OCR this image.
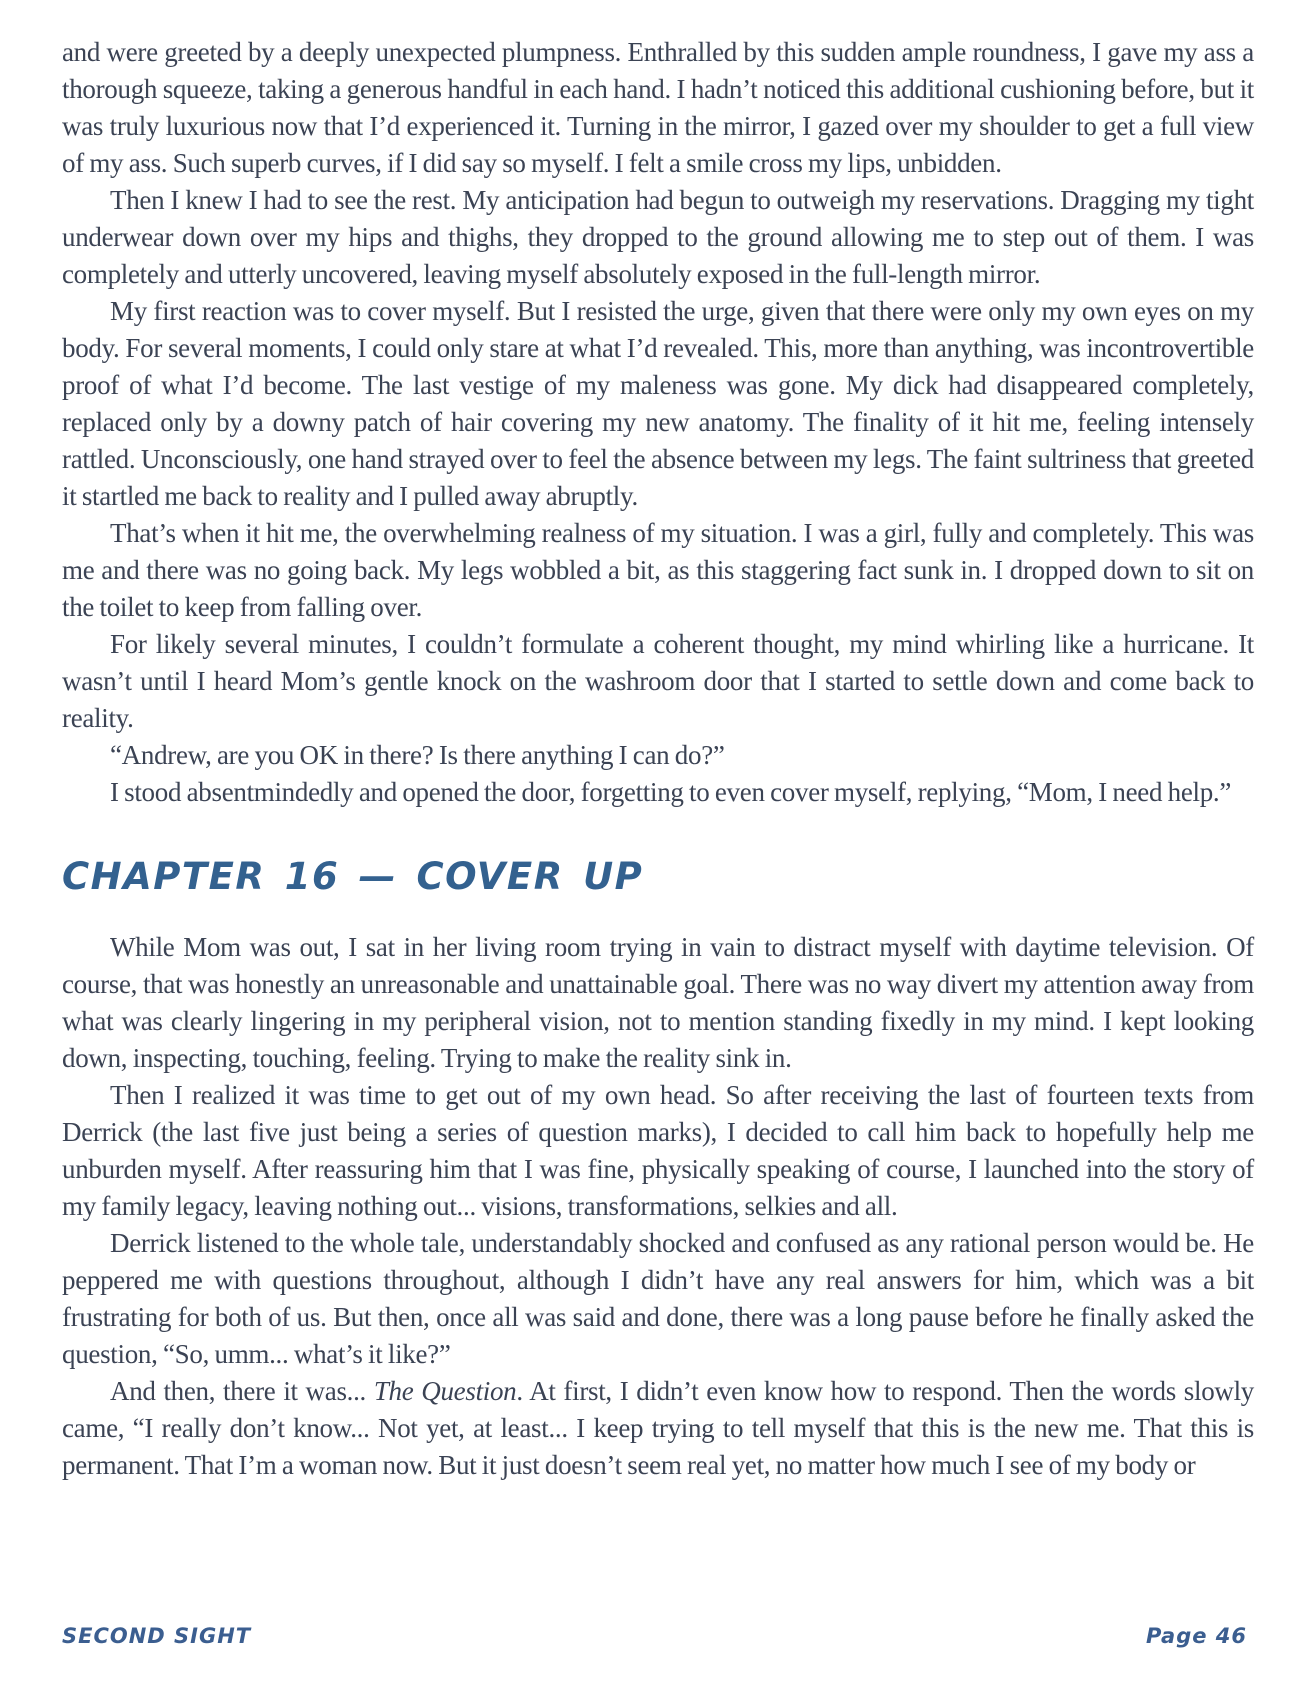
and were greeted by a deeply unexpected plumpness. Enthralled by this sudden ample roundness, I gave my ass a thorough squeeze, taking a generous handful in each hand. I hadn’t noticed this additional cushioning before, but it was truly luxurious now that I’d experienced it. Turning in the mirror, I gazed over my shoulder to get a full view of my ass. Such superb curves, if I did say so myself. I felt a smile cross my lips, unbidden.

Then I knew I had to see the rest. My anticipation had begun to outweigh my reservations. Dragging my tight underwear down over my hips and thighs, they dropped to the ground allowing me to step out of them. I was completely and utterly uncovered, leaving myself absolutely exposed in the full-length mirror.

My first reaction was to cover myself. But I resisted the urge, given that there were only my own eyes on my body. For several moments, I could only stare at what I’d revealed. This, more than anything, was incontrovertible proof of what I’d become. The last vestige of my maleness was gone. My dick had disappeared completely, replaced only by a downy patch of hair covering my new anatomy. The finality of it hit me, feeling intensely rattled. Unconsciously, one hand strayed over to feel the absence between my legs. The faint sultriness that greeted it startled me back to reality and I pulled away abruptly.

That’s when it hit me, the overwhelming realness of my situation. I was a girl, fully and completely. This was me and there was no going back. My legs wobbled a bit, as this staggering fact sunk in. I dropped down to sit on the toilet to keep from falling over.

For likely several minutes, I couldn’t formulate a coherent thought, my mind whirling like a hurricane. It wasn’t until I heard Mom’s gentle knock on the washroom door that I started to settle down and come back to reality.

“Andrew, are you OK in there? Is there anything I can do?”

I stood absentmindedly and opened the door, forgetting to even cover myself, replying, “Mom, I need help.”

CHAPTER 16 — COVER UP

While Mom was out, I sat in her living room trying in vain to distract myself with daytime television. Of course, that was honestly an unreasonable and unattainable goal. There was no way divert my attention away from what was clearly lingering in my peripheral vision, not to mention standing fixedly in my mind. I kept looking down, inspecting, touching, feeling. Trying to make the reality sink in.

Then I realized it was time to get out of my own head. So after receiving the last of fourteen texts from Derrick (the last five just being a series of question marks), I decided to call him back to hopefully help me unburden myself. After reassuring him that I was fine, physically speaking of course, I launched into the story of my family legacy, leaving nothing out... visions, transformations, selkies and all.

Derrick listened to the whole tale, understandably shocked and confused as any rational person would be. He peppered me with questions throughout, although I didn’t have any real answers for him, which was a bit frustrating for both of us. But then, once all was said and done, there was a long pause before he finally asked the question, “So, umm... what’s it like?”

And then, there it was... The Question. At first, I didn’t even know how to respond. Then the words slowly came, “I really don’t know... Not yet, at least... I keep trying to tell myself that this is the new me. That this is permanent. That I’m a woman now. But it just doesn’t seem real yet, no matter how much I see of my body or

SECOND SIGHT	Page 46
